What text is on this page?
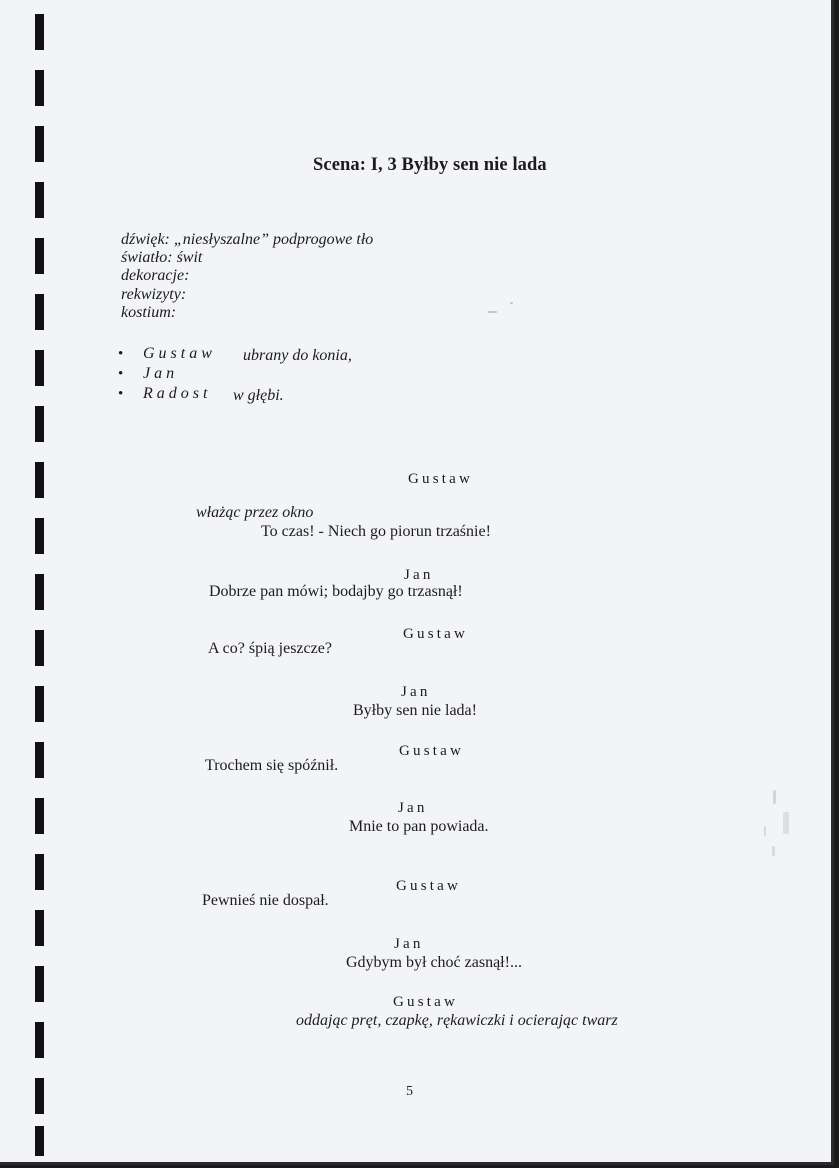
Scena: I, 3 Byłby sen nie lada
dźwięk: „niesłyszalne” podprogowe tło
światło: świt
dekoracje:
rekwizyty:
kostium:
• Gustaw ubrany do konia,
• Jan
• Radost w głębi.
Gustaw
włażąc przez okno
To czas! - Niech go piorun trzaśnie!
Jan
Dobrze pan mówi; bodajby go trzasnął!
Gustaw
A co? śpią jeszcze?
Jan
Byłby sen nie lada!
Gustaw
Trochem się spóźnił.
Jan
Mnie to pan powiada.
Gustaw
Pewnieś nie dospał.
Jan
Gdybym był choć zasnął!...
Gustaw
oddając pręt, czapkę, rękawiczki i ocierając twarz
5
